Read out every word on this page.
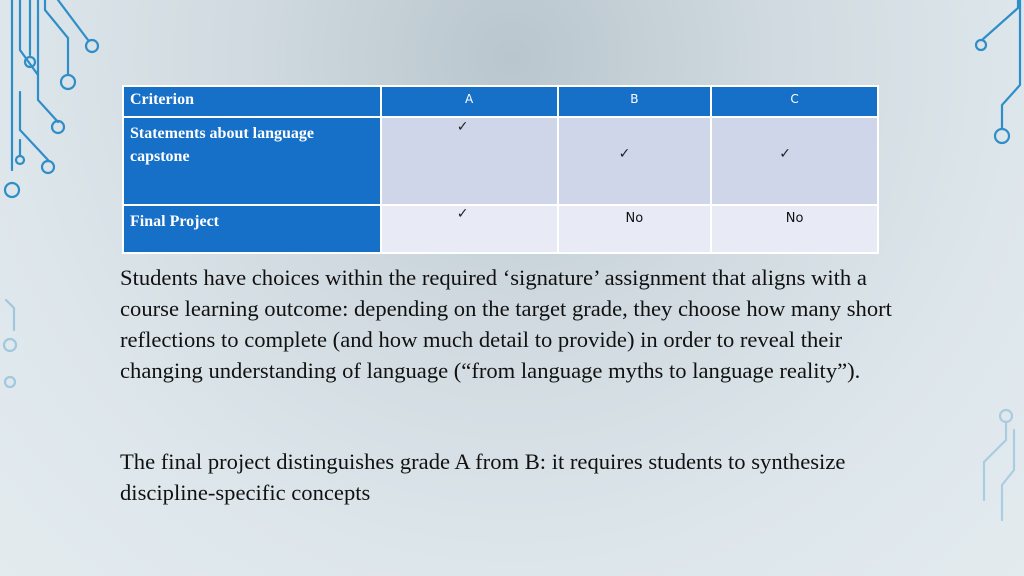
Criterion	A	B	C
Statements about language capstone	✓	✓	✓

Final Project	✓	No	No

Students have choices within the required ‘signature’ assignment that aligns with a course learning outcome: depending on the target grade, they choose how many short reflections to complete (and how much detail to provide) in order to reveal their changing understanding of language (“from language myths to language reality”).

The final project distinguishes grade A from B: it requires students to synthesize discipline-specific concepts
